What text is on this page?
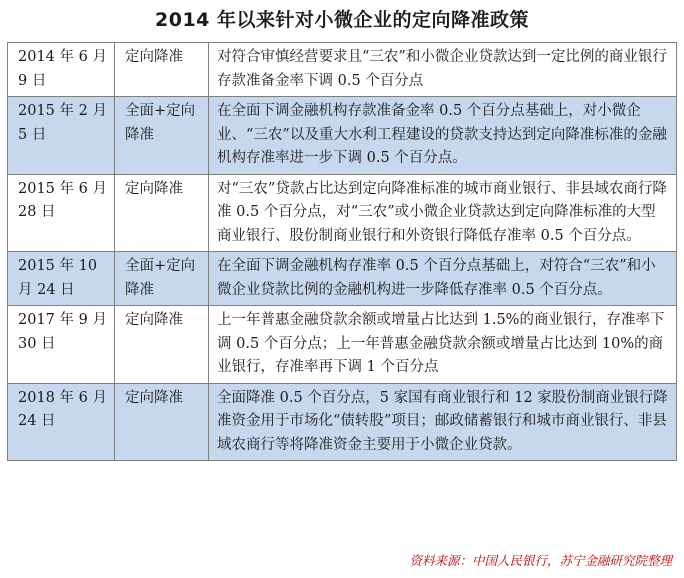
2014 年以来针对小微企业的定向降准政策
2014 年 6 月 9 日	定向降准	对符合审慎经营要求且“三农”和小微企业贷款达到一定比例的商业银行存款准备金率下调 0.5 个百分点
2015 年 2 月 5 日	全面+定向降准	在全面下调金融机构存款准备金率 0.5 个百分点基础上，对小微企业、“三农”以及重大水利工程建设的贷款支持达到定向降准标准的金融机构存准率进一步下调 0.5 个百分点。
2015 年 6 月 28 日	定向降准	对“三农”贷款占比达到定向降准标准的城市商业银行、非县域农商行降准 0.5 个百分点，对“三农”或小微企业贷款达到定向降准标准的大型商业银行、股份制商业银行和外资银行降低存准率 0.5 个百分点。
2015 年 10 月 24 日	全面+定向降准	在全面下调金融机构存准率 0.5 个百分点基础上，对符合“三农”和小微企业贷款比例的金融机构进一步降低存准率 0.5 个百分点。
2017 年 9 月 30 日	定向降准	上一年普惠金融贷款余额或增量占比达到 1.5%的商业银行，存准率下调 0.5 个百分点；上一年普惠金融贷款余额或增量占比达到 10%的商业银行，存准率再下调 1 个百分点
2018 年 6 月 24 日	定向降准	全面降准 0.5 个百分点，5 家国有商业银行和 12 家股份制商业银行降准资金用于市场化“债转股”项目；邮政储蓄银行和城市商业银行、非县域农商行等将降准资金主要用于小微企业贷款。
资料来源：中国人民银行，苏宁金融研究院整理
